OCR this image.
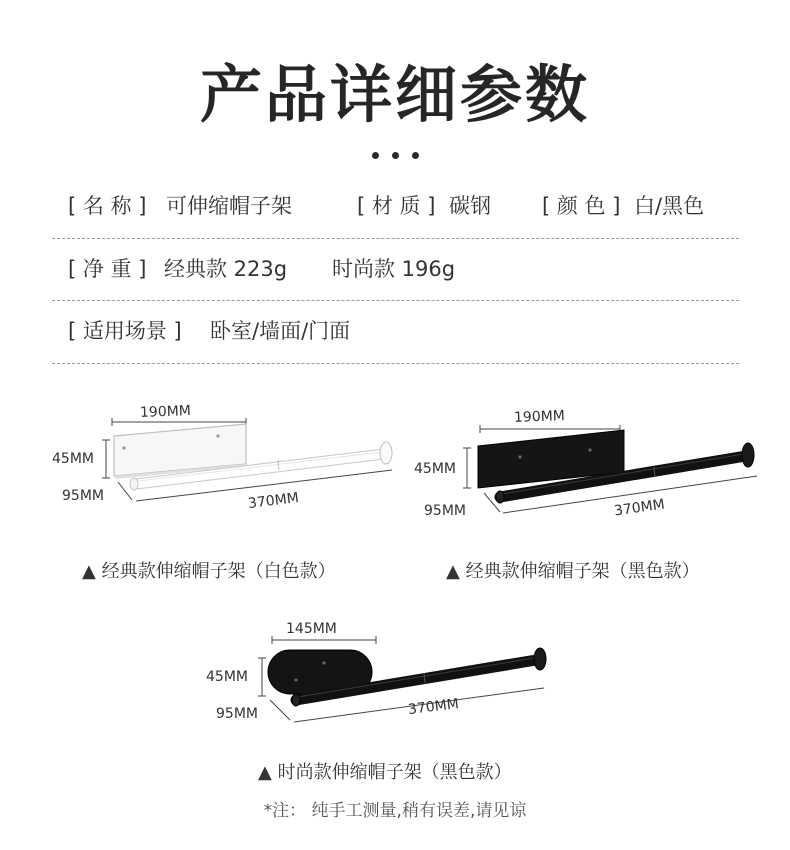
产品详细参数
[ 名 称 ] 可伸缩帽子架	[ 材 质 ] 碳钢 [ 颜 色 ] 白/黑色
[ 净 重 ] 经典款 223g 时尚款 196g
[ 适用场景 ] 卧室/墙面/门面
190MM
45MM
95MM	370MM
190MM
45MM
95MM	370MM
145MM
45MM
95MM	370MM
▲ 经典款伸缩帽子架（白色款）	▲ 经典款伸缩帽子架（黑色款）
▲ 时尚款伸缩帽子架（黑色款）
*注： 纯手工测量,稍有误差,请见谅
